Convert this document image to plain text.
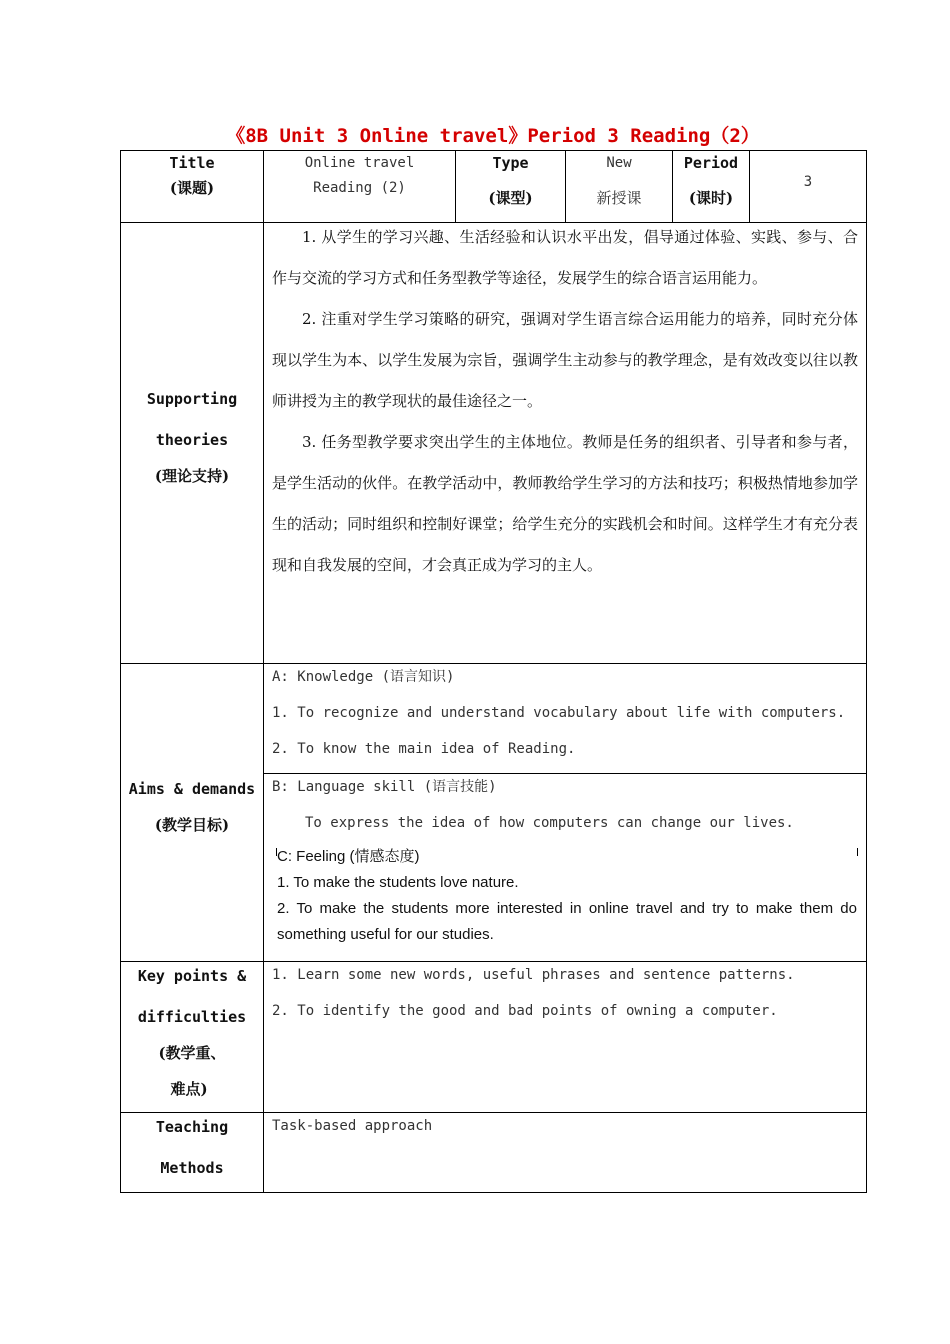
《8B Unit 3 Online travel》Period 3 Reading（2）
Title
(课题)
Online travel
Reading (2)
Type
(课型)
New
新授课
Period
(课时)
3
Supporting
theories
(理论支持)

1. 从学生的学习兴趣、生活经验和认识水平出发，倡导通过体验、实践、参与、合作与交流的学习方式和任务型教学等途径，发展学生的综合语言运用能力。

2. 注重对学生学习策略的研究，强调对学生语言综合运用能力的培养，同时充分体现以学生为本、以学生发展为宗旨，强调学生主动参与的教学理念，是有效改变以往以教师讲授为主的教学现状的最佳途径之一。

3. 任务型教学要求突出学生的主体地位。教师是任务的组织者、引导者和参与者，是学生活动的伙伴。在教学活动中，教师教给学生学习的方法和技巧；积极热情地参加学生的活动；同时组织和控制好课堂；给学生充分的实践机会和时间。这样学生才有充分表现和自我发展的空间，才会真正成为学习的主人。

Aims & demands
(教学目标)
A: Knowledge (语言知识)
1. To recognize and understand vocabulary about life with computers.
2. To know the main idea of Reading.
B: Language skill (语言技能)
To express the idea of how computers can change our lives.

C: Feeling (情感态度)

1. To make the students love nature.

2. To make the students more interested in online travel and try to make them do something useful for our studies.

Key points &
difficulties
(教学重、
难点)
1. Learn some new words, useful phrases and sentence patterns.
2. To identify the good and bad points of owning a computer.
Teaching
Methods
Task-based approach
